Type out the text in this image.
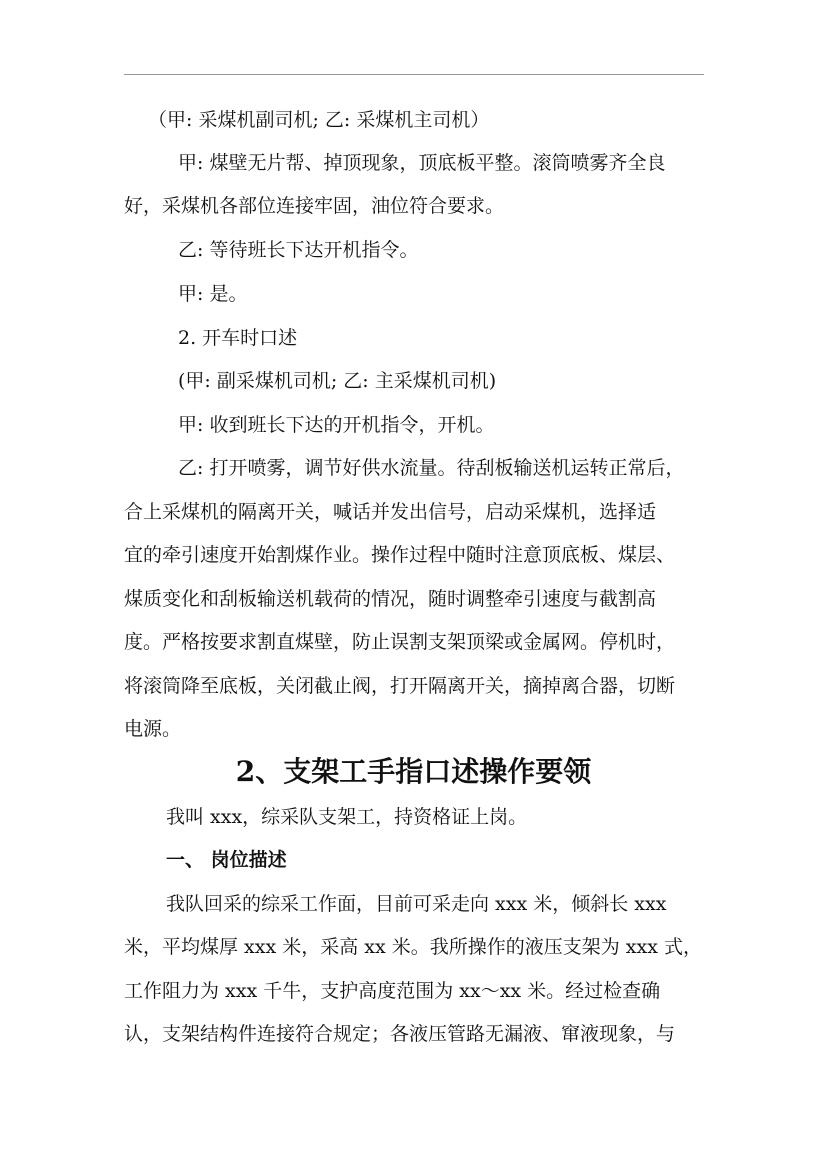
（甲: 采煤机副司机; 乙: 采煤机主司机）
甲: 煤壁无片帮、掉顶现象，顶底板平整。滚筒喷雾齐全良
好，采煤机各部位连接牢固，油位符合要求。
乙: 等待班长下达开机指令。
甲: 是。
2. 开车时口述
(甲: 副采煤机司机; 乙: 主采煤机司机)
甲: 收到班长下达的开机指令，开机。
乙: 打开喷雾，调节好供水流量。待刮板输送机运转正常后，
合上采煤机的隔离开关，喊话并发出信号，启动采煤机，选择适
宜的牵引速度开始割煤作业。操作过程中随时注意顶底板、煤层、
煤质变化和刮板输送机载荷的情况，随时调整牵引速度与截割高
度。严格按要求割直煤壁，防止误割支架顶梁或金属网。停机时，
将滚筒降至底板，关闭截止阀，打开隔离开关，摘掉离合器，切断
电源。
2、支架工手指口述操作要领
我叫 xxx，综采队支架工，持资格证上岗。
一、 岗位描述
我队回采的综采工作面，目前可采走向 xxx 米，倾斜长 xxx
米，平均煤厚 xxx 米，采高 xx 米。我所操作的液压支架为 xxx 式，
工作阻力为 xxx 千牛，支护高度范围为 xx～xx 米。经过检查确
认，支架结构件连接符合规定；各液压管路无漏液、窜液现象，与
